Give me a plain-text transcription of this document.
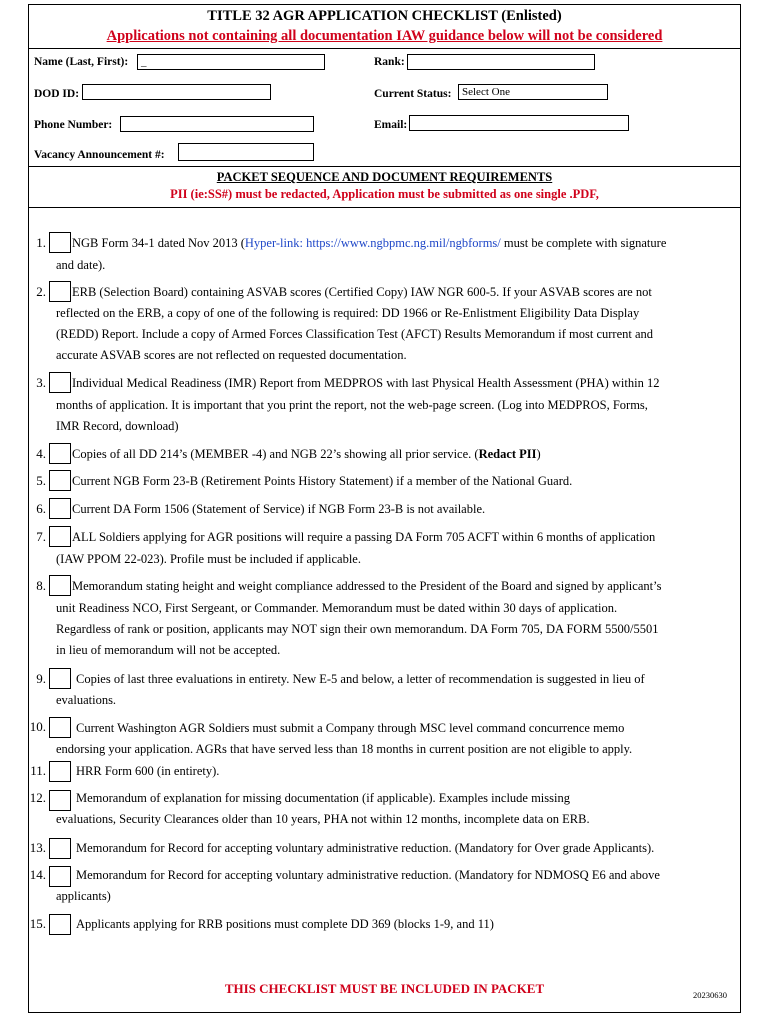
TITLE 32 AGR APPLICATION CHECKLIST (Enlisted)
Applications not containing all documentation IAW guidance below will not be considered
Name (Last, First):	_	Rank:
DOD ID:	Current Status: Select One
Phone Number:	Email:
Vacancy Announcement #:
PACKET SEQUENCE AND DOCUMENT REQUIREMENTS
PII (ie:SS#) must be redacted, Application must be submitted as one single .PDF,
1. NGB Form 34-1 dated Nov 2013 (Hyper-link: https://www.ngbpmc.ng.mil/ngbforms/ must be complete with signature
and date).
2. ERB (Selection Board) containing ASVAB scores (Certified Copy) IAW NGR 600-5. If your ASVAB scores are not
reflected on the ERB, a copy of one of the following is required: DD 1966 or Re-Enlistment Eligibility Data Display
(REDD) Report. Include a copy of Armed Forces Classification Test (AFCT) Results Memorandum if most current and
accurate ASVAB scores are not reflected on requested documentation.
3. Individual Medical Readiness (IMR) Report from MEDPROS with last Physical Health Assessment (PHA) within 12
months of application. It is important that you print the report, not the web-page screen. (Log into MEDPROS, Forms,
IMR Record, download)
4. Copies of all DD 214’s (MEMBER -4) and NGB 22’s showing all prior service. (Redact PII)
5. Current NGB Form 23-B (Retirement Points History Statement) if a member of the National Guard.
6. Current DA Form 1506 (Statement of Service) if NGB Form 23-B is not available.
7. ALL Soldiers applying for AGR positions will require a passing DA Form 705 ACFT within 6 months of application
(IAW PPOM 22-023). Profile must be included if applicable.
8. Memorandum stating height and weight compliance addressed to the President of the Board and signed by applicant’s
unit Readiness NCO, First Sergeant, or Commander. Memorandum must be dated within 30 days of application.
Regardless of rank or position, applicants may NOT sign their own memorandum. DA Form 705, DA FORM 5500/5501
in lieu of memorandum will not be accepted.
9. Copies of last three evaluations in entirety. New E-5 and below, a letter of recommendation is suggested in lieu of
evaluations.
10. Current Washington AGR Soldiers must submit a Company through MSC level command concurrence memo
endorsing your application. AGRs that have served less than 18 months in current position are not eligible to apply.
11. HRR Form 600 (in entirety).
12. Memorandum of explanation for missing documentation (if applicable). Examples include missing
evaluations, Security Clearances older than 10 years, PHA not within 12 months, incomplete data on ERB.
13. Memorandum for Record for accepting voluntary administrative reduction. (Mandatory for Over grade Applicants).
14. Memorandum for Record for accepting voluntary administrative reduction. (Mandatory for NDMOSQ E6 and above
applicants)
15. Applicants applying for RRB positions must complete DD 369 (blocks 1-9, and 11)
THIS CHECKLIST MUST BE INCLUDED IN PACKET	20230630
